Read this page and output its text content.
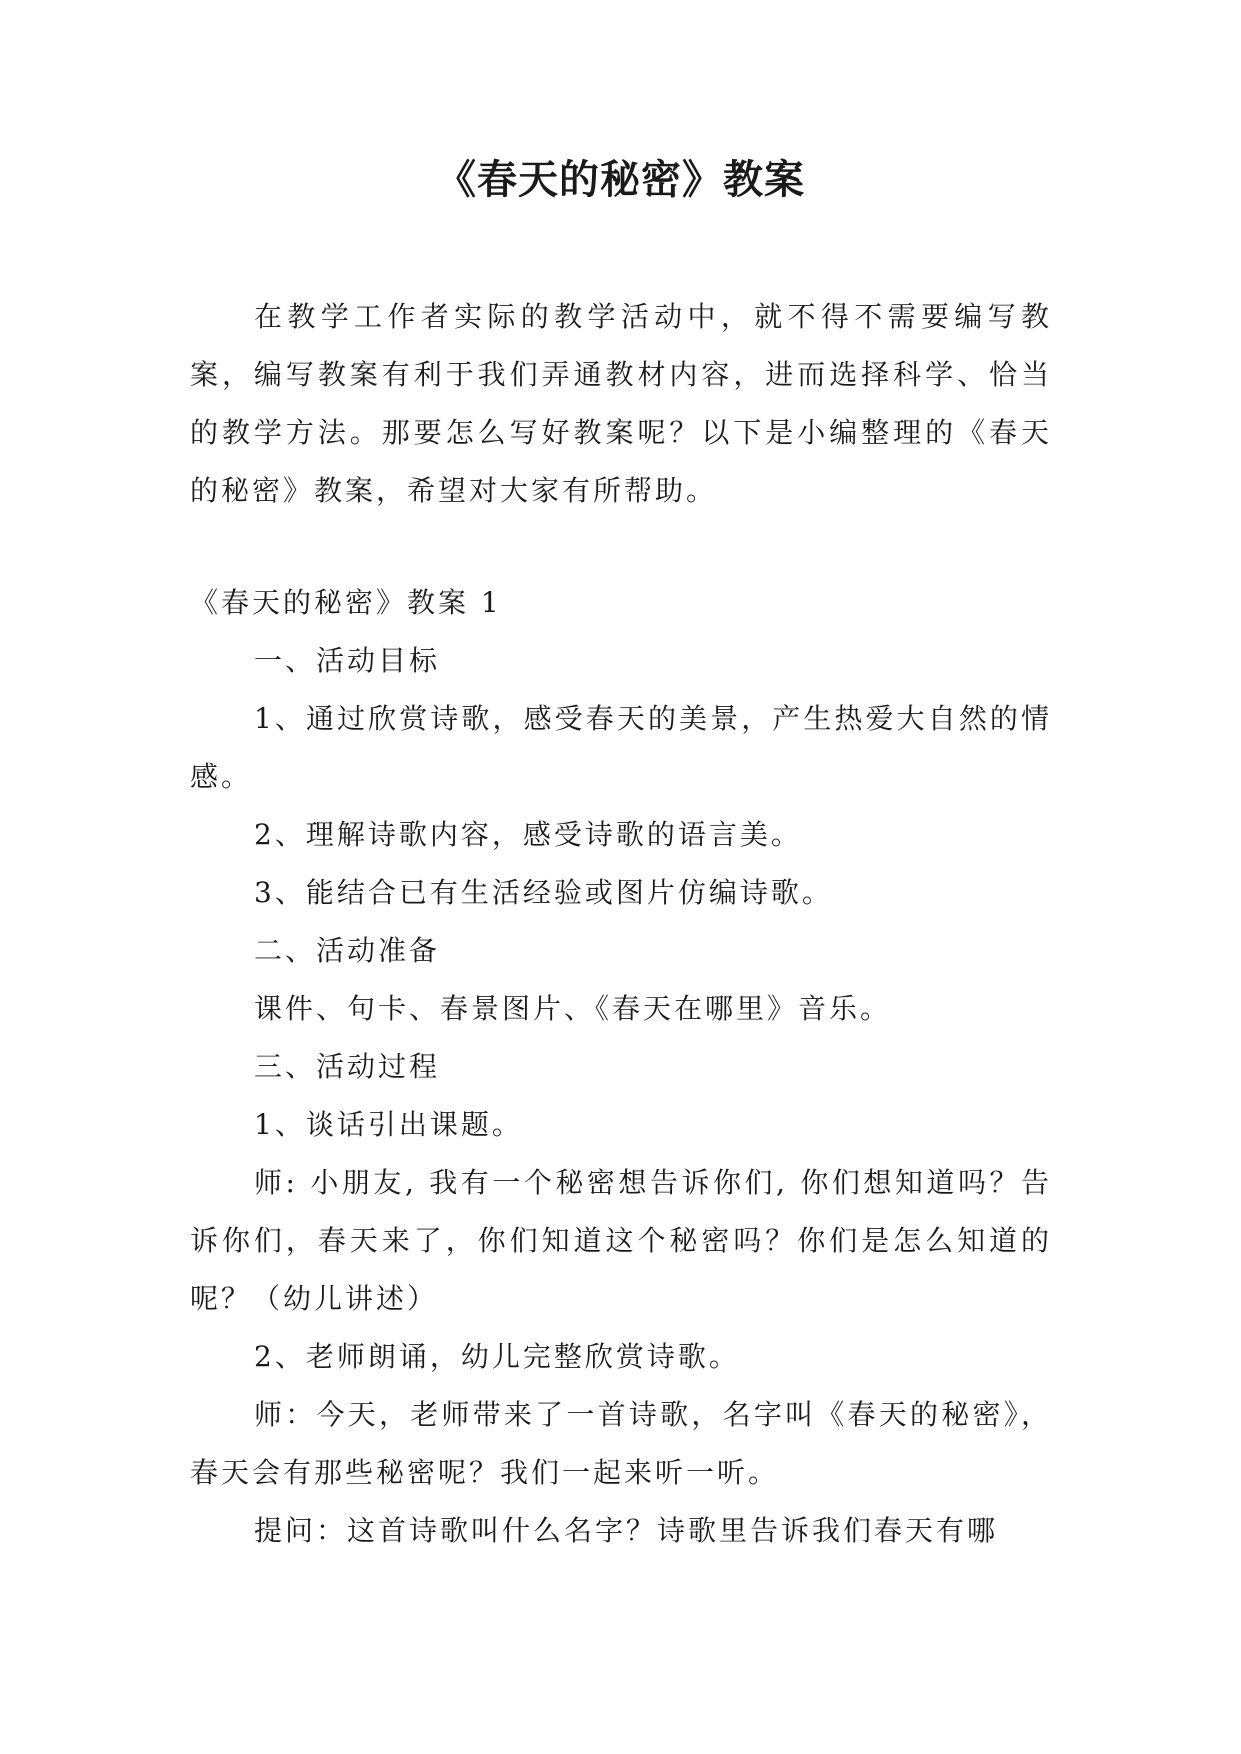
《春天的秘密》教案

在教学工作者实际的教学活动中，就不得不需要编写教案，编写教案有利于我们弄通教材内容，进而选择科学、恰当的教学方法。那要怎么写好教案呢？以下是小编整理的《春天的秘密》教案，希望对大家有所帮助。

《春天的秘密》教案 1

一、活动目标

1、通过欣赏诗歌，感受春天的美景，产生热爱大自然的情感。

2、理解诗歌内容，感受诗歌的语言美。

3、能结合已有生活经验或图片仿编诗歌。

二、活动准备

课件、句卡、春景图片、《春天在哪里》音乐。

三、活动过程

1、谈话引出课题。

师: 小朋友, 我有一个秘密想告诉你们, 你们想知道吗？告诉你们，春天来了，你们知道这个秘密吗？你们是怎么知道的呢？（幼儿讲述）

2、老师朗诵，幼儿完整欣赏诗歌。

师：今天，老师带来了一首诗歌，名字叫《春天的秘密》，春天会有那些秘密呢？我们一起来听一听。

提问：这首诗歌叫什么名字？诗歌里告诉我们春天有哪
